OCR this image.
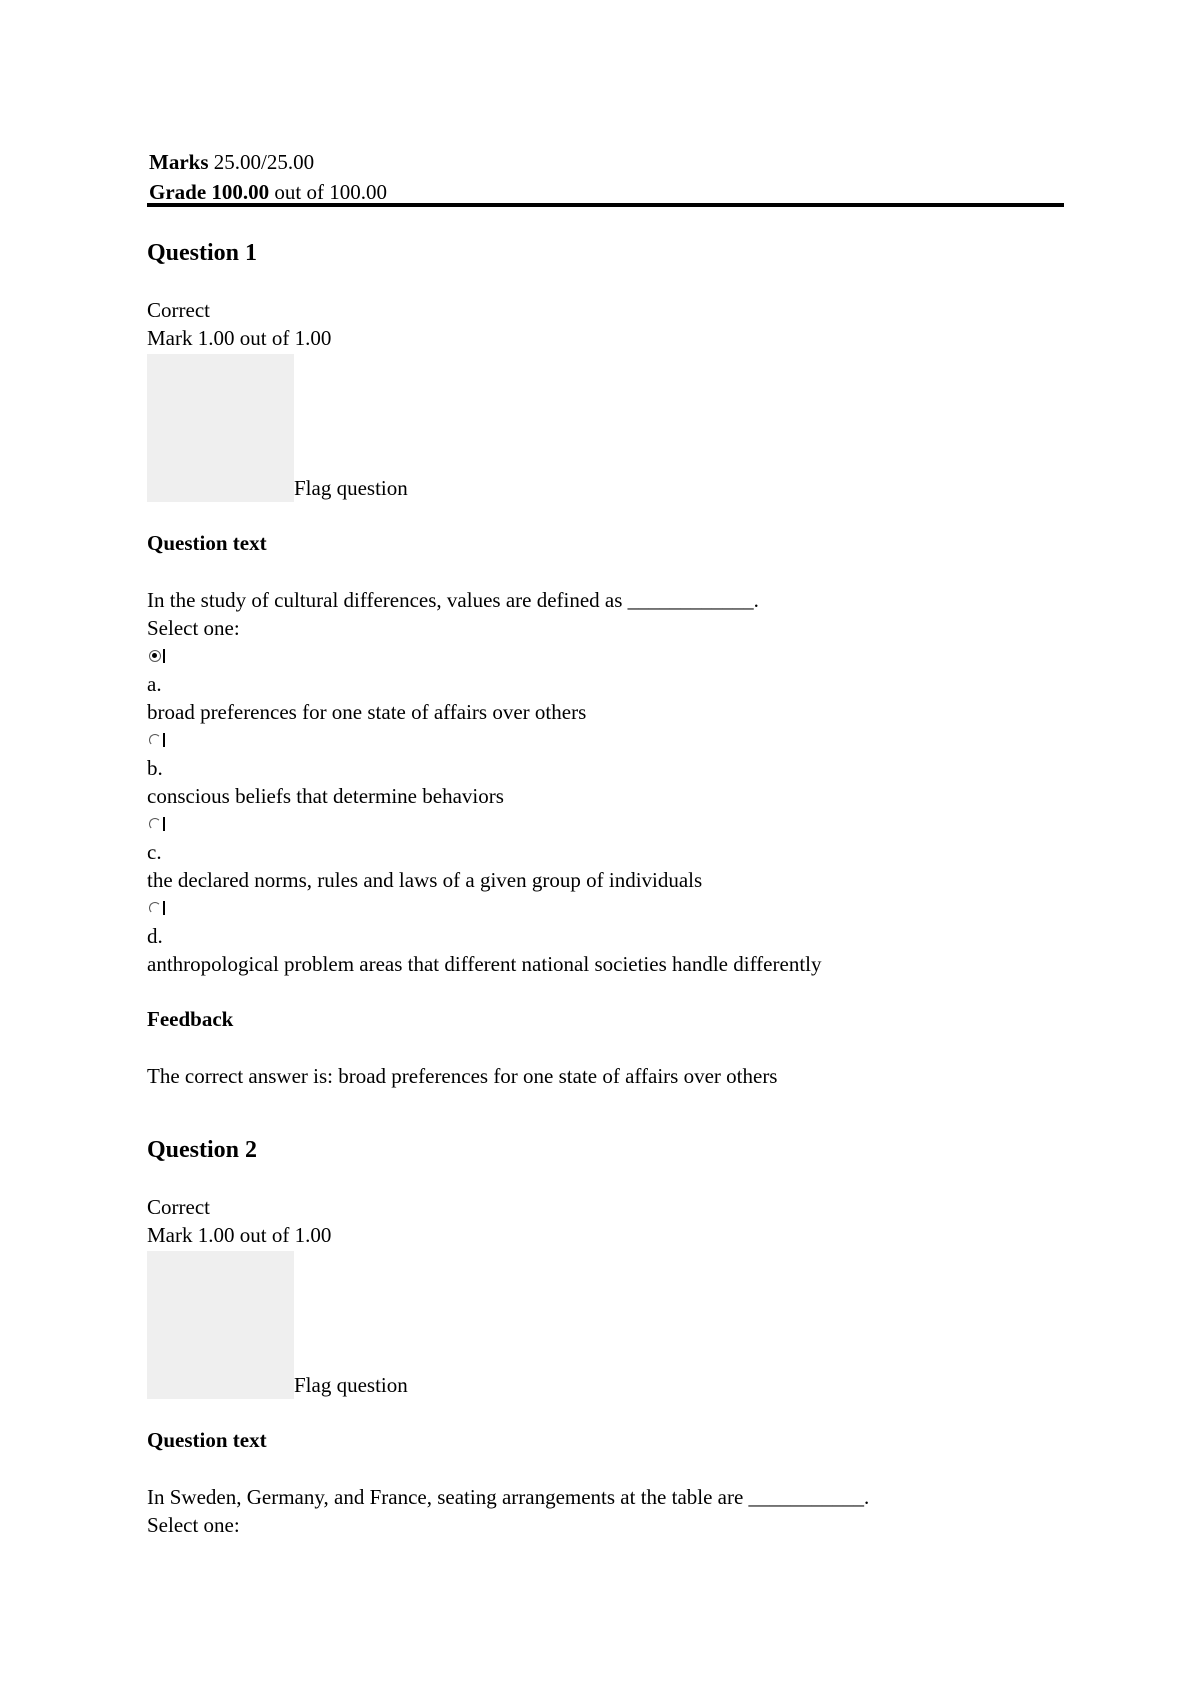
Marks 25.00/25.00
Grade 100.00 out of 100.00
Question 1
Correct
Mark 1.00 out of 1.00
Flag question
Question text
In the study of cultural differences, values are defined as ____________.
Select one:
a.
broad preferences for one state of affairs over others
b.
conscious beliefs that determine behaviors
c.
the declared norms, rules and laws of a given group of individuals
d.
anthropological problem areas that different national societies handle differently
Feedback
The correct answer is: broad preferences for one state of affairs over others
Question 2
Correct
Mark 1.00 out of 1.00
Flag question
Question text
In Sweden, Germany, and France, seating arrangements at the table are ___________.
Select one:
